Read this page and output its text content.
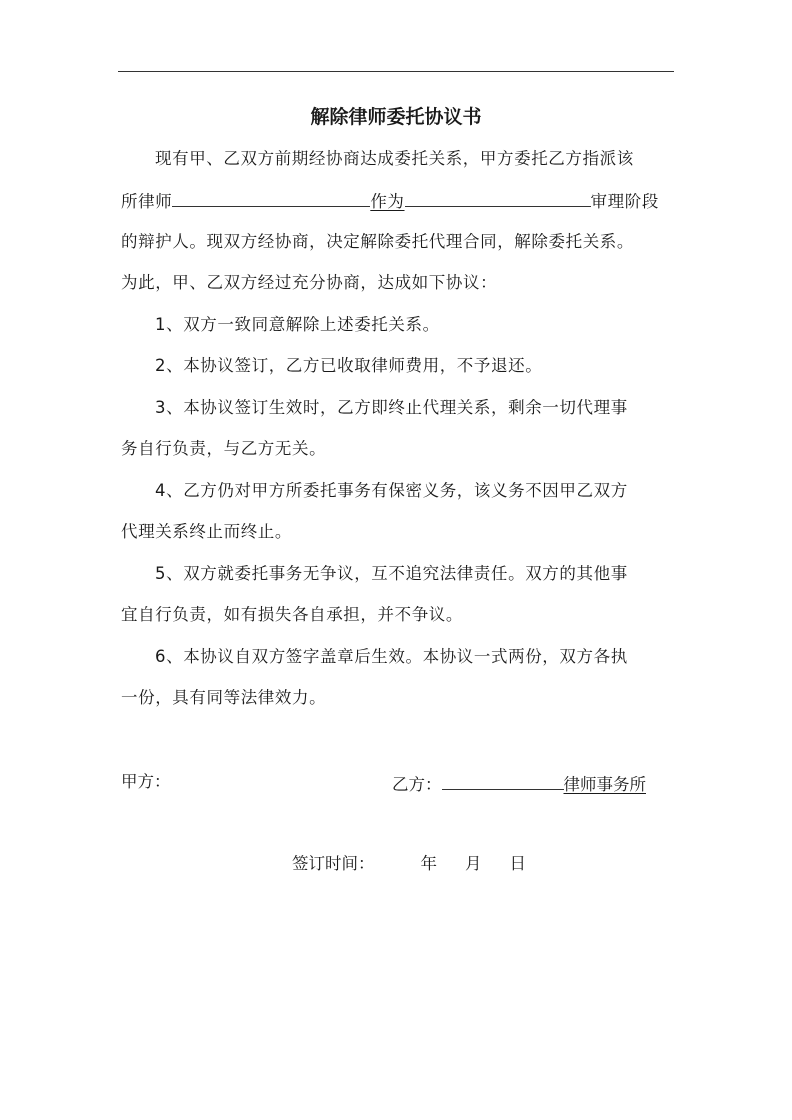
解除律师委托协议书
现有甲、乙双方前期经协商达成委托关系，甲方委托乙方指派该
所律师	作为	审理阶段
的辩护人。现双方经协商，决定解除委托代理合同，解除委托关系。
为此，甲、乙双方经过充分协商，达成如下协议：
1、双方一致同意解除上述委托关系。
2、本协议签订，乙方已收取律师费用，不予退还。
3、本协议签订生效时，乙方即终止代理关系，剩余一切代理事
务自行负责，与乙方无关。
4、乙方仍对甲方所委托事务有保密义务，该义务不因甲乙双方
代理关系终止而终止。
5、双方就委托事务无争议，互不追究法律责任。双方的其他事
宜自行负责，如有损失各自承担，并不争议。
6、本协议自双方签字盖章后生效。本协议一式两份，双方各执
一份，具有同等法律效力。
甲方：	乙方：	律师事务所
签订时间：	年 月 日
